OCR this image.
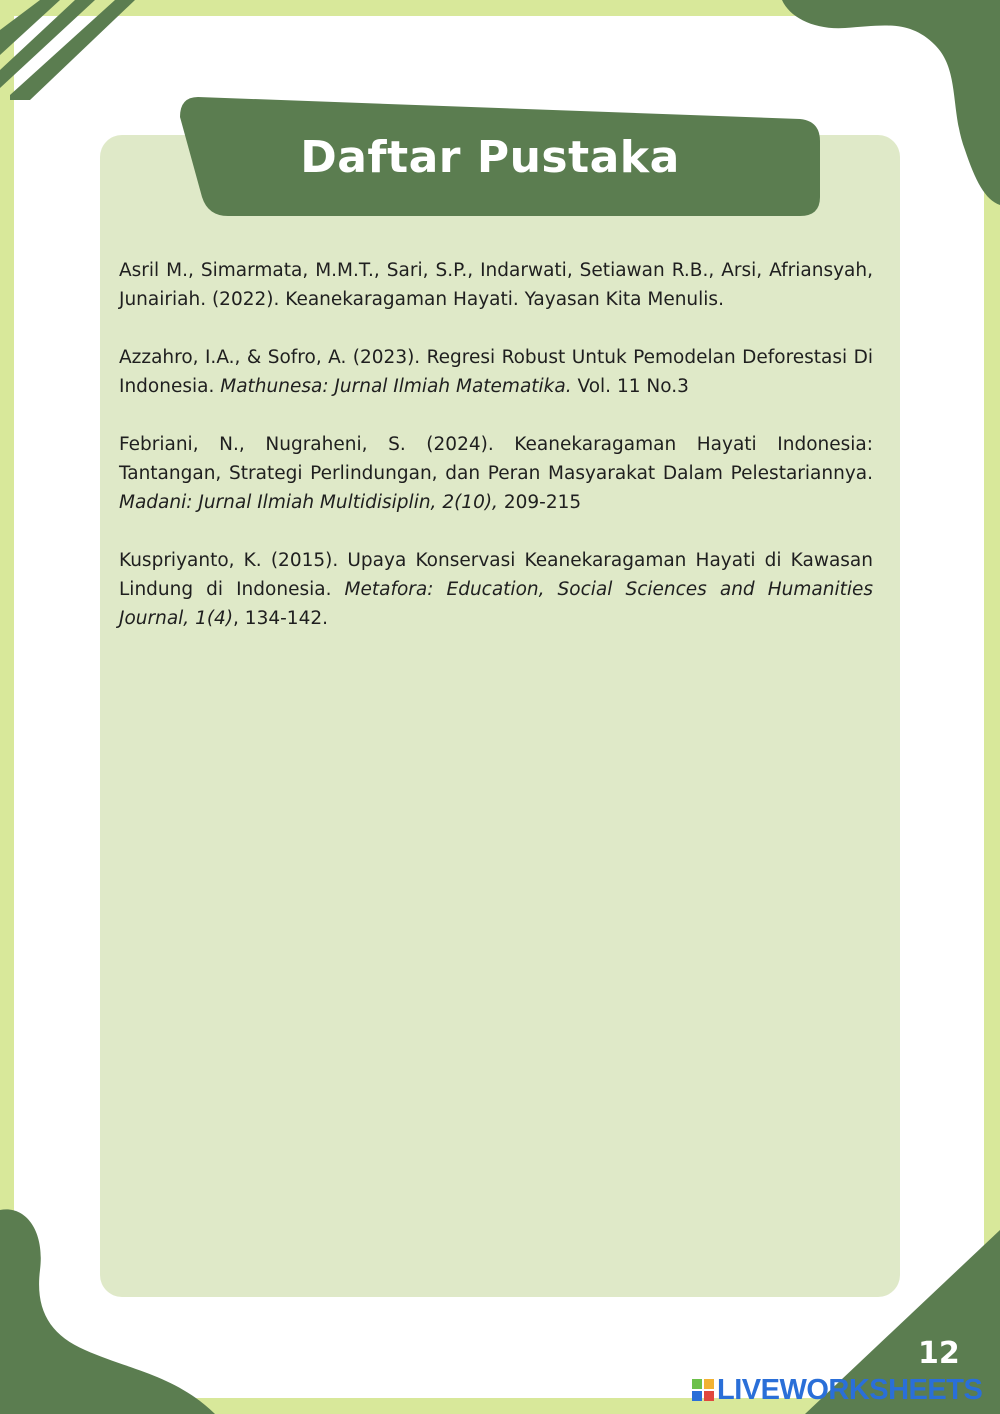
Daftar Pustaka

Asril M., Simarmata, M.M.T., Sari, S.P., Indarwati, Setiawan R.B., Arsi, Afriansyah, Junairiah. (2022). Keanekaragaman Hayati. Yayasan Kita Menulis.

Azzahro, I.A., & Sofro, A. (2023). Regresi Robust Untuk Pemodelan Deforestasi Di Indonesia. Mathunesa: Jurnal Ilmiah Matematika. Vol. 11 No.3

Febriani, N., Nugraheni, S. (2024). Keanekaragaman Hayati Indonesia: Tantangan, Strategi Perlindungan, dan Peran Masyarakat Dalam Pelestariannya. Madani: Jurnal Ilmiah Multidisiplin, 2(10), 209-215

Kuspriyanto, K. (2015). Upaya Konservasi Keanekaragaman Hayati di Kawasan Lindung di Indonesia. Metafora: Education, Social Sciences and Humanities Journal, 1(4), 134-142.

12
LIVEWORKSHEETS
